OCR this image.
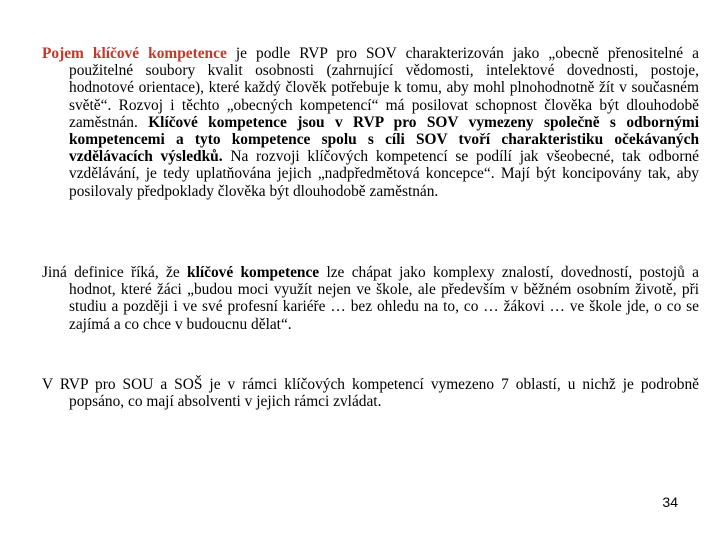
Pojem klíčové kompetence je podle RVP pro SOV charakterizován jako „obecně přenositelné a použitelné soubory kvalit osobnosti (zahrnující vědomosti, intelektové dovednosti, postoje, hodnotové orientace), které každý člověk potřebuje k tomu, aby mohl plnohodnotně žít v současném světě“. Rozvoj i těchto „obecných kompetencí“ má posilovat schopnost člověka být dlouhodobě zaměstnán. Klíčové kompetence jsou v RVP pro SOV vymezeny společně s odbornými kompetencemi a tyto kompetence spolu s cíli SOV tvoří charakteristiku očekávaných vzdělávacích výsledků. Na rozvoji klíčových kompetencí se podílí jak všeobecné, tak odborné vzdělávání, je tedy uplatňována jejich „nadpředmětová koncepce“. Mají být koncipovány tak, aby posilovaly předpoklady člověka být dlouhodobě zaměstnán.

Jiná definice říká, že klíčové kompetence lze chápat jako komplexy znalostí, dovedností, postojů a hodnot, které žáci „budou moci využít nejen ve škole, ale především v běžném osobním životě, při studiu a později i ve své profesní kariéře … bez ohledu na to, co … žákovi … ve škole jde, o co se zajímá a co chce v budoucnu dělat“.

V RVP pro SOU a SOŠ je v rámci klíčových kompetencí vymezeno 7 oblastí, u nichž je podrobně popsáno, co mají absolventi v jejich rámci zvládat.

34
